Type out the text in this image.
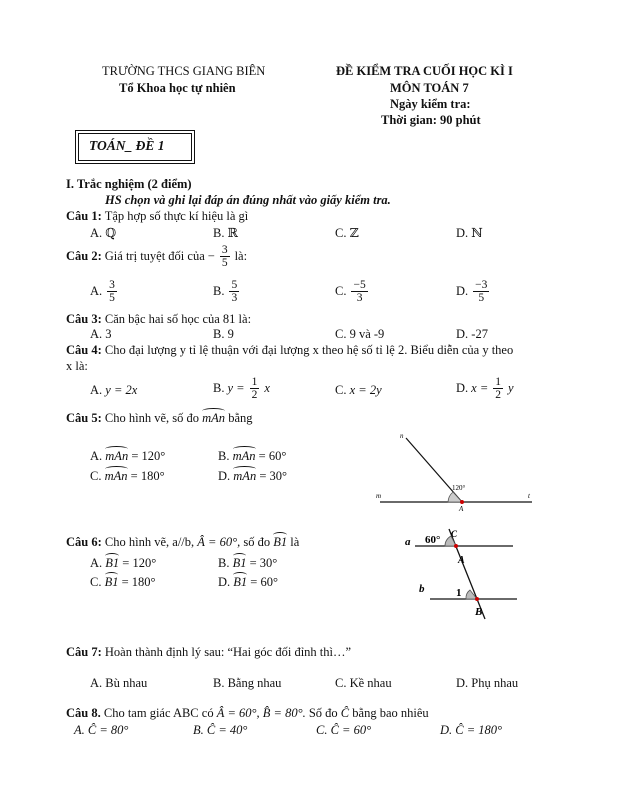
TRƯỜNG THCS GIANG BIÊN
Tổ Khoa học tự nhiên
ĐỀ KIỂM TRA CUỐI HỌC KÌ I
MÔN TOÁN 7
Ngày kiểm tra:
Thời gian: 90 phút
TOÁN_ ĐỀ 1
I. Trắc nghiệm (2 điểm)
HS chọn và ghi lại đáp án đúng nhất vào giấy kiểm tra.
Câu 1: Tập hợp số thực kí hiệu là gì
A. ℚ	B. ℝ	C. ℤ	D. ℕ
Câu 2: Giá trị tuyệt đối của − $\frac{3}{5}$ là:
A. $\frac{3}{5}$	B. $\frac{5}{3}$	C. $\frac{-5}{3}$	D. $\frac{-3}{5}$
Câu 3: Căn bậc hai số học của 81 là:
A. 3	B. 9	C. 9 và -9	D. -27
Câu 4: Cho đại lượng y tỉ lệ thuận với đại lượng x theo hệ số tỉ lệ 2. Biểu diễn của y theo
x là:
A. y = 2x	B. $y = \frac{1}{2}$ x	C. x = 2y	D. $x = \frac{1}{2}$ y
Câu 5: Cho hình vẽ, số đo mAn bằng
A. mAn = 120°	B. mAn = 60°
C. mAn = 180°	D. mAn = 30°
n
m	t
A
120°
Câu 6: Cho hình vẽ, a//b, Â = 60°, số đo B1 là
A. B1 = 120°	B. B1 = 30°
C. B1 = 180°	D. B1 = 60°
a 60° C
A
b	1
B
Câu 7: Hoàn thành định lý sau: “Hai góc đối đỉnh thì…”
A. Bù nhau	B. Bằng nhau	C. Kề nhau	D. Phụ nhau
Câu 8. Cho tam giác ABC có Â = 60°, B̂ = 80°. Số đo Ĉ bằng bao nhiêu
A. Ĉ = 80°	B. Ĉ = 40°	C. Ĉ = 60°	D. Ĉ = 180°
